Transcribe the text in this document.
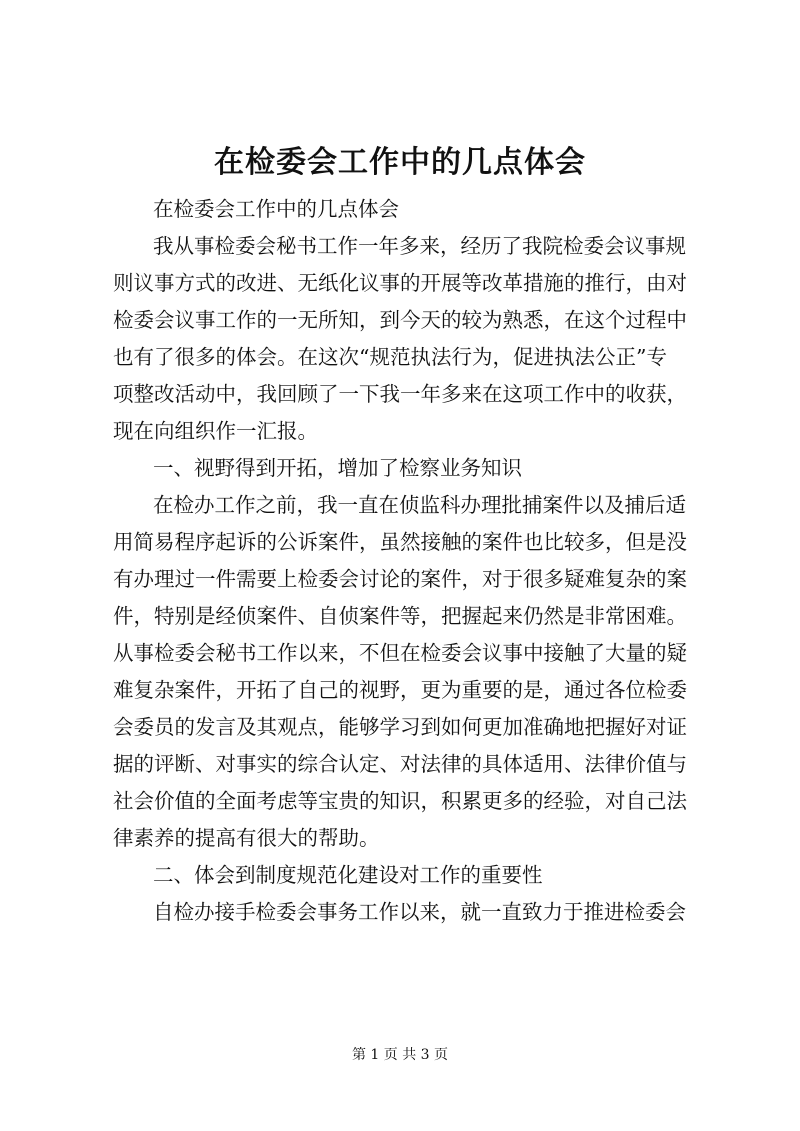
在检委会工作中的几点体会
在检委会工作中的几点体会
我从事检委会秘书工作一年多来，经历了我院检委会议事规
则议事方式的改进、无纸化议事的开展等改革措施的推行，由对
检委会议事工作的一无所知，到今天的较为熟悉，在这个过程中
也有了很多的体会。在这次“规范执法行为，促进执法公正”专
项整改活动中，我回顾了一下我一年多来在这项工作中的收获，
现在向组织作一汇报。
一、视野得到开拓，增加了检察业务知识
在检办工作之前，我一直在侦监科办理批捕案件以及捕后适
用简易程序起诉的公诉案件，虽然接触的案件也比较多，但是没
有办理过一件需要上检委会讨论的案件，对于很多疑难复杂的案
件，特别是经侦案件、自侦案件等，把握起来仍然是非常困难。
从事检委会秘书工作以来，不但在检委会议事中接触了大量的疑
难复杂案件，开拓了自己的视野，更为重要的是，通过各位检委
会委员的发言及其观点，能够学习到如何更加准确地把握好对证
据的评断、对事实的综合认定、对法律的具体适用、法律价值与
社会价值的全面考虑等宝贵的知识，积累更多的经验，对自己法
律素养的提高有很大的帮助。
二、体会到制度规范化建设对工作的重要性
自检办接手检委会事务工作以来，就一直致力于推进检委会
第 1 页 共 3 页
